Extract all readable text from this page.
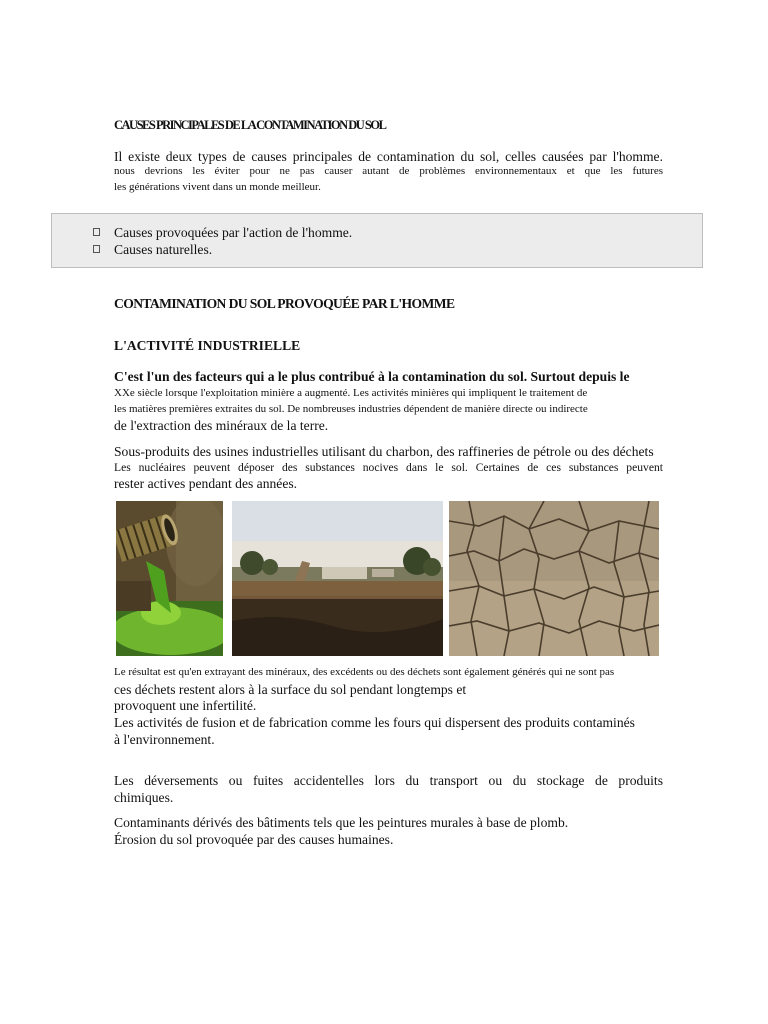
CAUSES PRINCIPALES DE LA CONTAMINATION DU SOL
Il existe deux types de causes principales de contamination du sol, celles causées par l'homme.
nous devrions les éviter pour ne pas causer autant de problèmes environnementaux et que les futures
les générations vivent dans un monde meilleur.
Causes provoquées par l'action de l'homme.
Causes naturelles.
CONTAMINATION DU SOL PROVOQUÉE PAR L'HOMME
L'ACTIVITÉ INDUSTRIELLE
C'est l'un des facteurs qui a le plus contribué à la contamination du sol. Surtout depuis le
XXe siècle lorsque l'exploitation minière a augmenté. Les activités minières qui impliquent le traitement de
les matières premières extraites du sol. De nombreuses industries dépendent de manière directe ou indirecte
de l'extraction des minéraux de la terre.
Sous-produits des usines industrielles utilisant du charbon, des raffineries de pétrole ou des déchets
Les nucléaires peuvent déposer des substances nocives dans le sol. Certaines de ces substances peuvent
rester actives pendant des années.
Le résultat est qu'en extrayant des minéraux, des excédents ou des déchets sont également générés qui ne sont pas
ces déchets restent alors à la surface du sol pendant longtemps et
provoquent une infertilité.
Les activités de fusion et de fabrication comme les fours qui dispersent des produits contaminés
à l'environnement.
Les déversements ou fuites accidentelles lors du transport ou du stockage de produits
chimiques.
Contaminants dérivés des bâtiments tels que les peintures murales à base de plomb.
Érosion du sol provoquée par des causes humaines.
